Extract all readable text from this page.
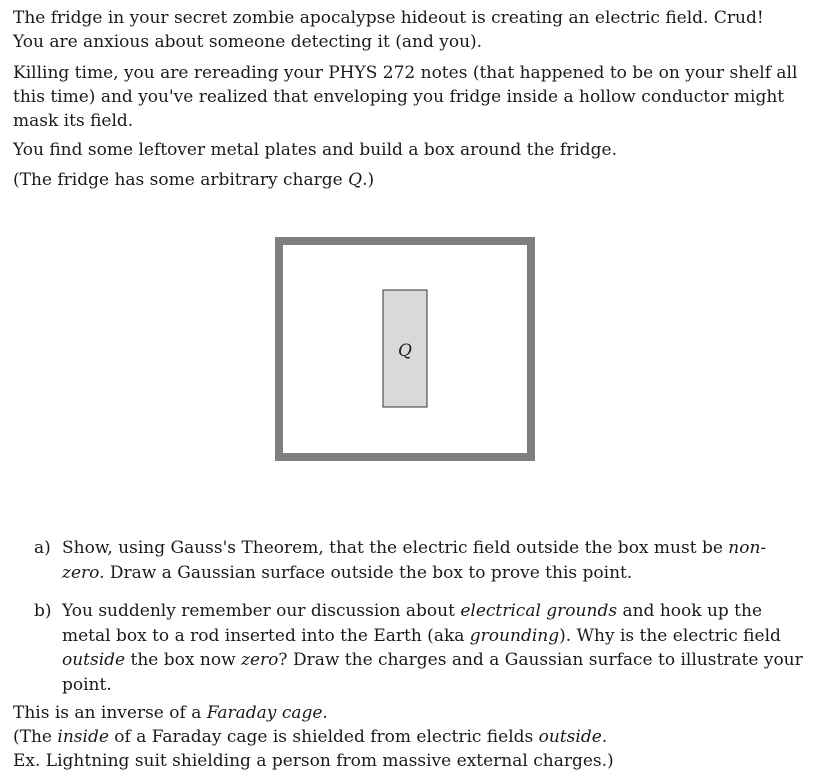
The fridge in your secret zombie apocalypse hideout is creating an electric field. Crud!
You are anxious about someone detecting it (and you).
Killing time, you are rereading your PHYS 272 notes (that happened to be on your shelf all this time) and you've realized that enveloping you fridge inside a hollow conductor might mask its field.
You find some leftover metal plates and build a box around the fridge.
(The fridge has some arbitrary charge Q.)
Q
a) Show, using Gauss's Theorem, that the electric field outside the box must be non-zero. Draw a Gaussian surface outside the box to prove this point.
b) You suddenly remember our discussion about electrical grounds and hook up the metal box to a rod inserted into the Earth (aka grounding). Why is the electric field outside the box now zero? Draw the charges and a Gaussian surface to illustrate your point.
This is an inverse of a Faraday cage.
(The inside of a Faraday cage is shielded from electric fields outside.
Ex. Lightning suit shielding a person from massive external charges.)
